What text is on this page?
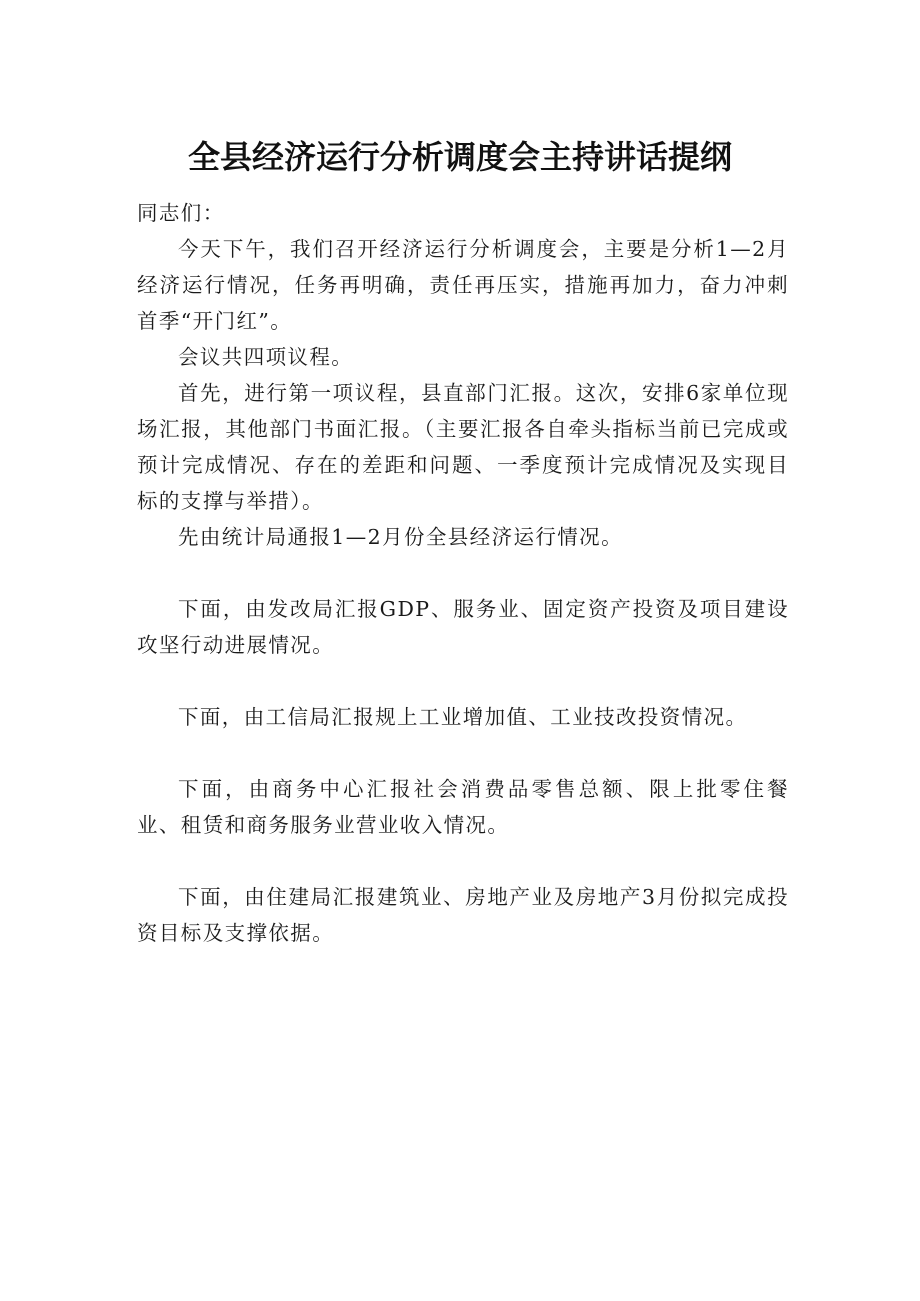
全县经济运行分析调度会主持讲话提纲

同志们：

今天下午，我们召开经济运行分析调度会，主要是分析1—2月经济运行情况，任务再明确，责任再压实，措施再加力，奋力冲刺首季“开门红”。

会议共四项议程。

首先，进行第一项议程，县直部门汇报。这次，安排6家单位现场汇报，其他部门书面汇报。（主要汇报各自牵头指标当前已完成或预计完成情况、存在的差距和问题、一季度预计完成情况及实现目标的支撑与举措）。

先由统计局通报1—2月份全县经济运行情况。

下面，由发改局汇报GDP、服务业、固定资产投资及项目建设攻坚行动进展情况。

下面，由工信局汇报规上工业增加值、工业技改投资情况。

下面，由商务中心汇报社会消费品零售总额、限上批零住餐业、租赁和商务服务业营业收入情况。

下面，由住建局汇报建筑业、房地产业及房地产3月份拟完成投资目标及支撑依据。
